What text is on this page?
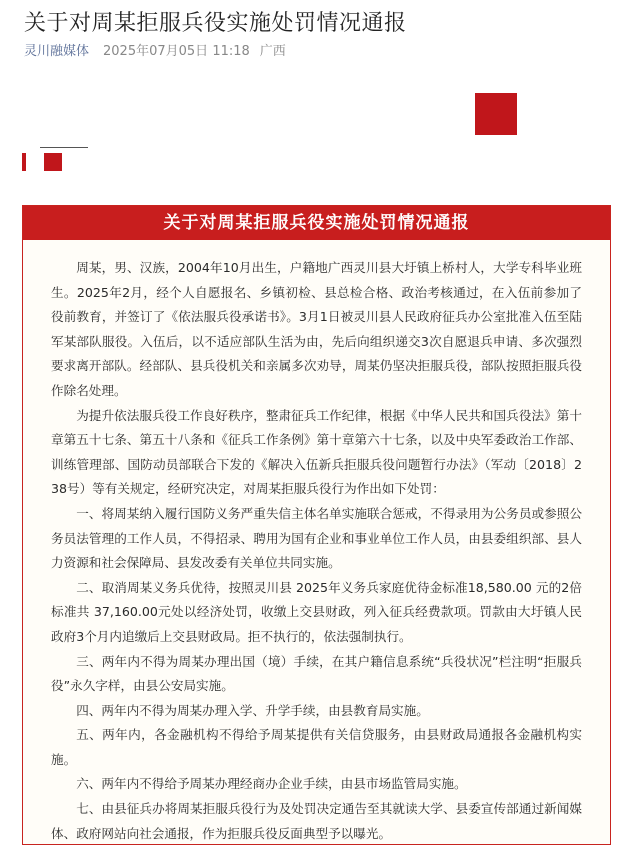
关于对周某拒服兵役实施处罚情况通报
灵川融媒体 2025年07月05日 11:18 广西
关于对周某拒服兵役实施处罚情况通报

周某，男、汉族，2004年10月出生，户籍地广西灵川县大圩镇上桥村人，大学专科毕业班生。2025年2月，经个人自愿报名、乡镇初检、县总检合格、政治考核通过，在入伍前参加了役前教育，并签订了《依法服兵役承诺书》。3月1日被灵川县人民政府征兵办公室批准入伍至陆军某部队服役。入伍后，以不适应部队生活为由，先后向组织递交3次自愿退兵申请、多次强烈要求离开部队。经部队、县兵役机关和亲属多次劝导，周某仍坚决拒服兵役，部队按照拒服兵役作除名处理。

为提升依法服兵役工作良好秩序，整肃征兵工作纪律，根据《中华人民共和国兵役法》第十章第五十七条、第五十八条和《征兵工作条例》第十章第六十七条，以及中央军委政治工作部、训练管理部、国防动员部联合下发的《解决入伍新兵拒服兵役问题暂行办法》（军动〔2018〕238号）等有关规定，经研究决定，对周某拒服兵役行为作出如下处罚：

一、将周某纳入履行国防义务严重失信主体名单实施联合惩戒，不得录用为公务员或参照公务员法管理的工作人员，不得招录、聘用为国有企业和事业单位工作人员，由县委组织部、县人力资源和社会保障局、县发改委有关单位共同实施。

二、取消周某义务兵优待，按照灵川县 2025年义务兵家庭优待金标准18,580.00 元的2倍标准共 37,160.00元处以经济处罚，收缴上交县财政，列入征兵经费款项。罚款由大圩镇人民政府3个月内追缴后上交县财政局。拒不执行的，依法强制执行。

三、两年内不得为周某办理出国（境）手续，在其户籍信息系统“兵役状况”栏注明“拒服兵役”永久字样，由县公安局实施。

四、两年内不得为周某办理入学、升学手续，由县教育局实施。

五、两年内，各金融机构不得给予周某提供有关信贷服务，由县财政局通报各金融机构实施。

六、两年内不得给予周某办理经商办企业手续，由县市场监管局实施。

七、由县征兵办将周某拒服兵役行为及处罚决定通告至其就读大学、县委宣传部通过新闻媒体、政府网站向社会通报，作为拒服兵役反面典型予以曝光。
